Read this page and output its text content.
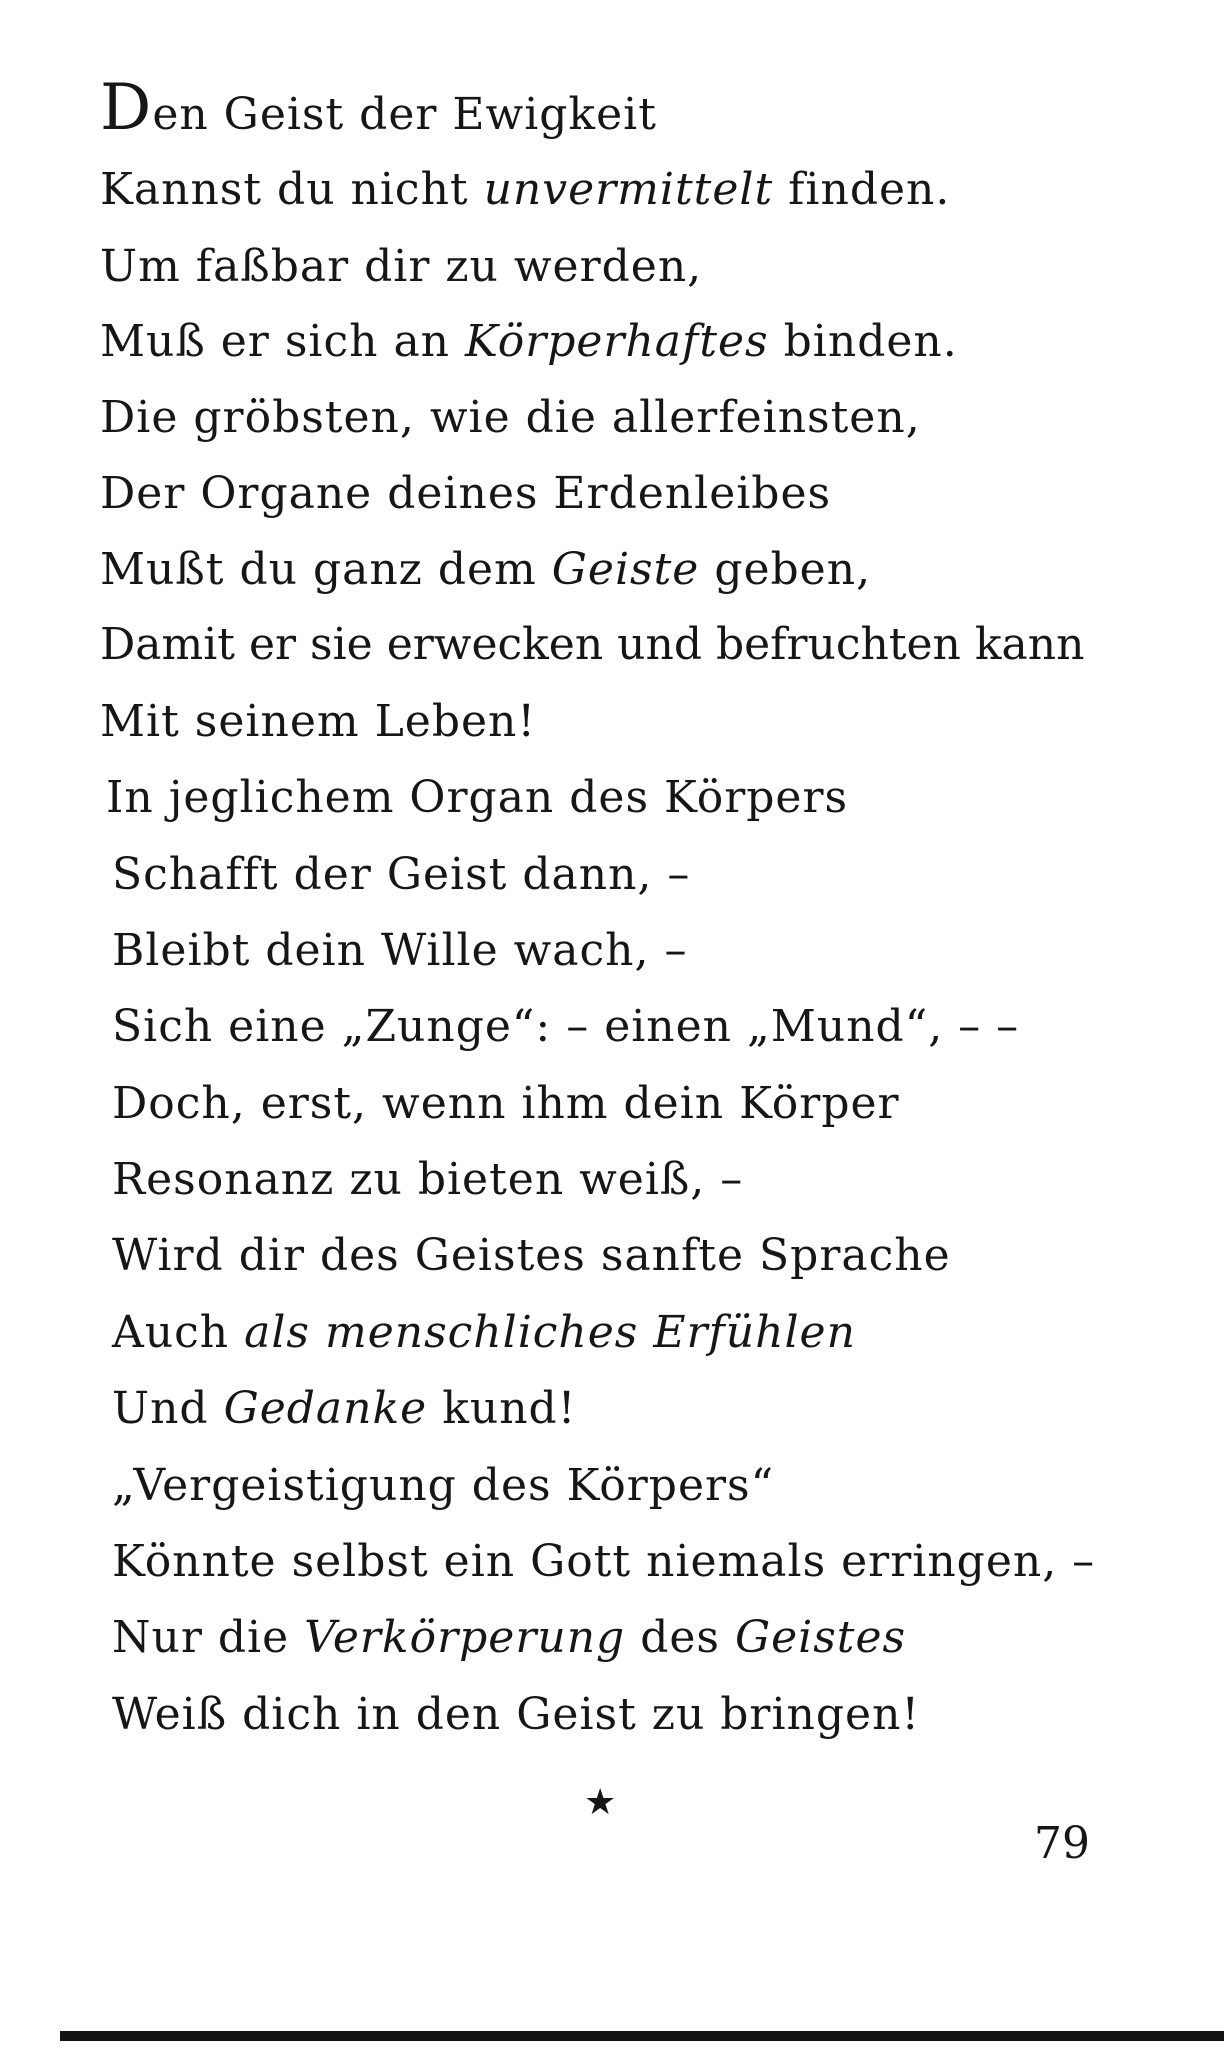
Den Geist der Ewigkeit

Kannst du nicht unvermittelt finden.

Um faßbar dir zu werden,

Muß er sich an Körperhaftes binden.

Die gröbsten, wie die allerfeinsten,

Der Organe deines Erdenleibes

Mußt du ganz dem Geiste geben,

Damit er sie erwecken und befruchten kann

Mit seinem Leben!

In jeglichem Organ des Körpers

Schafft der Geist dann, –

Bleibt dein Wille wach, –

Sich eine „Zunge“: – einen „Mund“, – –

Doch, erst, wenn ihm dein Körper

Resonanz zu bieten weiß, –

Wird dir des Geistes sanfte Sprache

Auch als menschliches Erfühlen

Und Gedanke kund!

„Vergeistigung des Körpers“

Könnte selbst ein Gott niemals erringen, –

Nur die Verkörperung des Geistes

Weiß dich in den Geist zu bringen!

★
79
